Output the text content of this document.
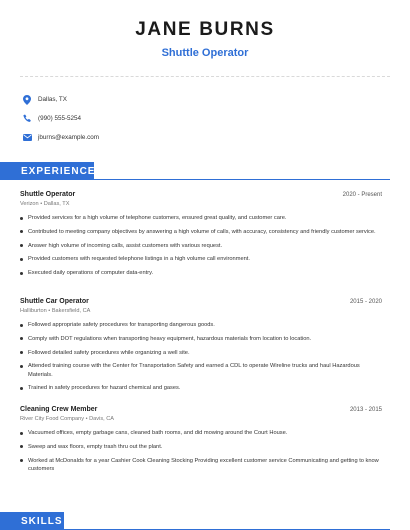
JANE BURNS
Shuttle Operator
Dallas, TX
(990) 555-5254
jburns@example.com
EXPERIENCE
Shuttle Operator	2020 - Present
Verizon • Dallas, TX
Provided services for a high volume of telephone customers, ensured great quality, and customer care.
Contributed to meeting company objectives by answering a high volume of calls, with accuracy, consistency and friendly customer service.
Answer high volume of incoming calls, assist customers with various request.
Provided customers with requested telephone listings in a high volume call environment.
Executed daily operations of computer data-entry.
Shuttle Car Operator	2015 - 2020
Halliburton • Bakersfield, CA
Followed appropriate safety procedures for transporting dangerous goods.
Comply with DOT regulations when transporting heavy equipment, hazardous materials from location to location.
Followed detailed safety procedures while organizing a well site.
Attended training course with the Center for Transportation Safety and earned a CDL to operate Wireline trucks and haul Hazardous Materials.
Trained in safety procedures for hazard chemical and gases.
Cleaning Crew Member	2013 - 2015
River City Food Company • Davis, CA
Vacuumed offices, empty garbage cans, cleaned bath rooms, and did mowing around the Court House.
Sweep and wax floors, empty trash thru out the plant.
Worked at McDonalds for a year Cashier Cook Cleaning Stocking Providing excellent customer service Communicating and getting to know customers
SKILLS
